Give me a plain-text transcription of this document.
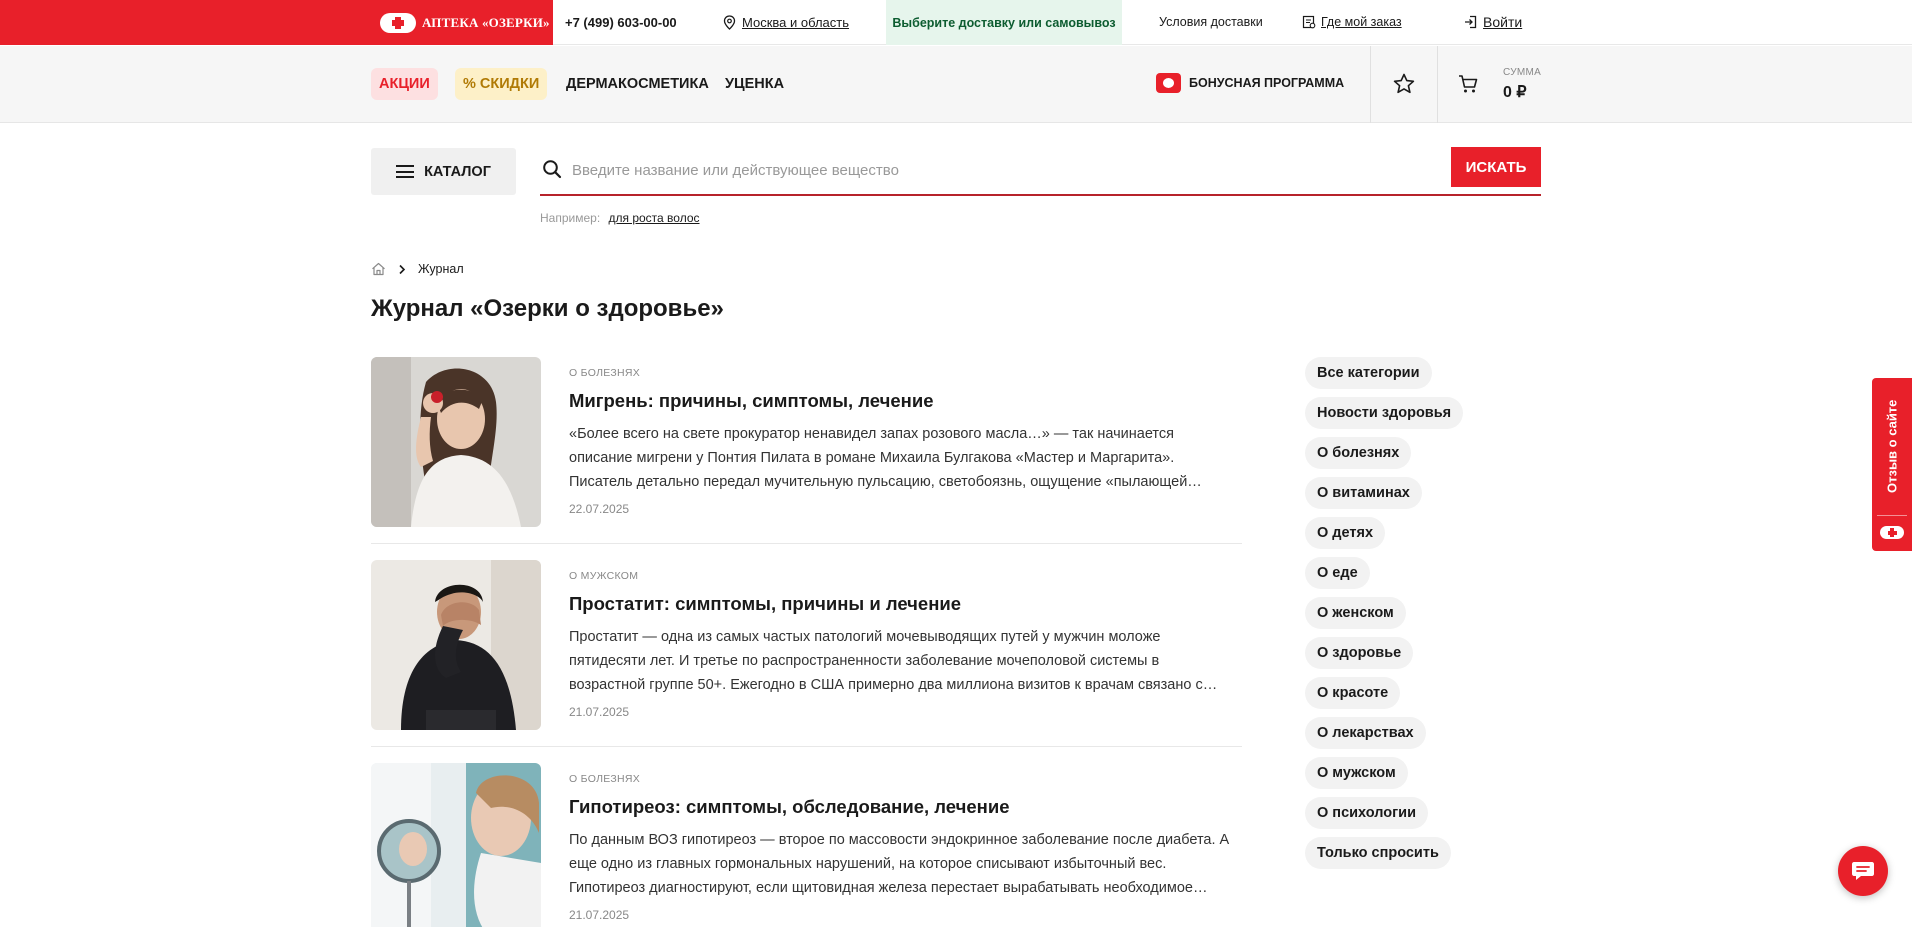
АПТЕКА «ОЗЕРКИ» +7 (499) 603-00-00	Москва и область	Выберите доставку или самовывоз	Условия доставки	Где мой заказ	Войти
АКЦИИ	% СКИДКИ	ДЕРМАКОСМЕТИКА УЦЕНКА	БОНУСНАЯ ПРОГРАММА
СУММА
0 ₽
КАТАЛОГ
Введите название или действующее вещество	ИСКАТЬ
Например: для роста волос
Журнал
Журнал «Озерки о здоровье»
О БОЛЕЗНЯХ
Мигрень: причины, симптомы, лечение
«Более всего на свете прокуратор ненавидел запах розового масла…» — так начинается описание мигрени у Понтия Пилата в романе Михаила Булгакова «Мастер и Маргарита». Писатель детально передал мучительную пульсацию, светобоязнь, ощущение «пылающей
22.07.2025
О МУЖСКОМ
Простатит: симптомы, причины и лечение
Простатит — одна из самых частых патологий мочевыводящих путей у мужчин моложе пятидесяти лет. И третье по распространенности заболевание мочеполовой системы в возрастной группе 50+. Ежегодно в США примерно два миллиона визитов к врачам связано с
21.07.2025
О БОЛЕЗНЯХ
Гипотиреоз: симптомы, обследование, лечение
По данным ВОЗ гипотиреоз — второе по массовости эндокринное заболевание после диабета. А еще одно из главных гормональных нарушений, на которое списывают избыточный вес. Гипотиреоз диагностируют, если щитовидная железа перестает вырабатывать необходимое
21.07.2025
Все категории
Новости здоровья
О болезнях
О витаминах
О детях
О еде
О женском
О здоровье
О красоте
О лекарствах
О мужском
О психологии
Только спросить
Отзыв о сайте
